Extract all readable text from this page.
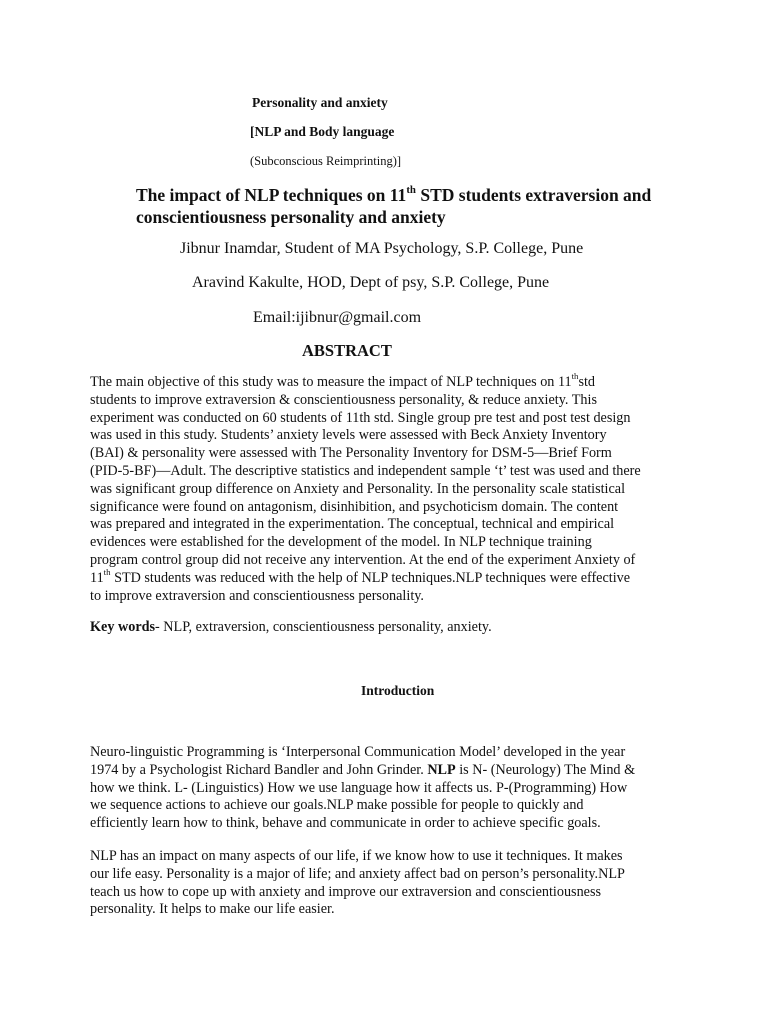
Personality and anxiety
[NLP and Body language
(Subconscious Reimprinting)]
The impact of NLP techniques on 11th STD students extraversion and
conscientiousness personality and anxiety
Jibnur Inamdar, Student of MA Psychology, S.P. College, Pune
Aravind Kakulte, HOD, Dept of psy, S.P. College, Pune
Email:ijibnur@gmail.com
ABSTRACT
The main objective of this study was to measure the impact of NLP techniques on 11thstd
students to improve extraversion & conscientiousness personality, & reduce anxiety. This
experiment was conducted on 60 students of 11th std. Single group pre test and post test design
was used in this study. Students’ anxiety levels were assessed with Beck Anxiety Inventory
(BAI) & personality were assessed with The Personality Inventory for DSM-5—Brief Form
(PID-5-BF)—Adult. The descriptive statistics and independent sample ‘t’ test was used and there
was significant group difference on Anxiety and Personality. In the personality scale statistical
significance were found on antagonism, disinhibition, and psychoticism domain. The content
was prepared and integrated in the experimentation. The conceptual, technical and empirical
evidences were established for the development of the model. In NLP technique training
program control group did not receive any intervention. At the end of the experiment Anxiety of
11th STD students was reduced with the help of NLP techniques.NLP techniques were effective
to improve extraversion and conscientiousness personality.
Key words- NLP, extraversion, conscientiousness personality, anxiety.
Introduction
Neuro-linguistic Programming is ‘Interpersonal Communication Model’ developed in the year
1974 by a Psychologist Richard Bandler and John Grinder. NLP is N- (Neurology) The Mind &
how we think. L- (Linguistics) How we use language how it affects us. P-(Programming) How
we sequence actions to achieve our goals.NLP make possible for people to quickly and
efficiently learn how to think, behave and communicate in order to achieve specific goals.
NLP has an impact on many aspects of our life, if we know how to use it techniques. It makes
our life easy. Personality is a major of life; and anxiety affect bad on person’s personality.NLP
teach us how to cope up with anxiety and improve our extraversion and conscientiousness
personality. It helps to make our life easier.
